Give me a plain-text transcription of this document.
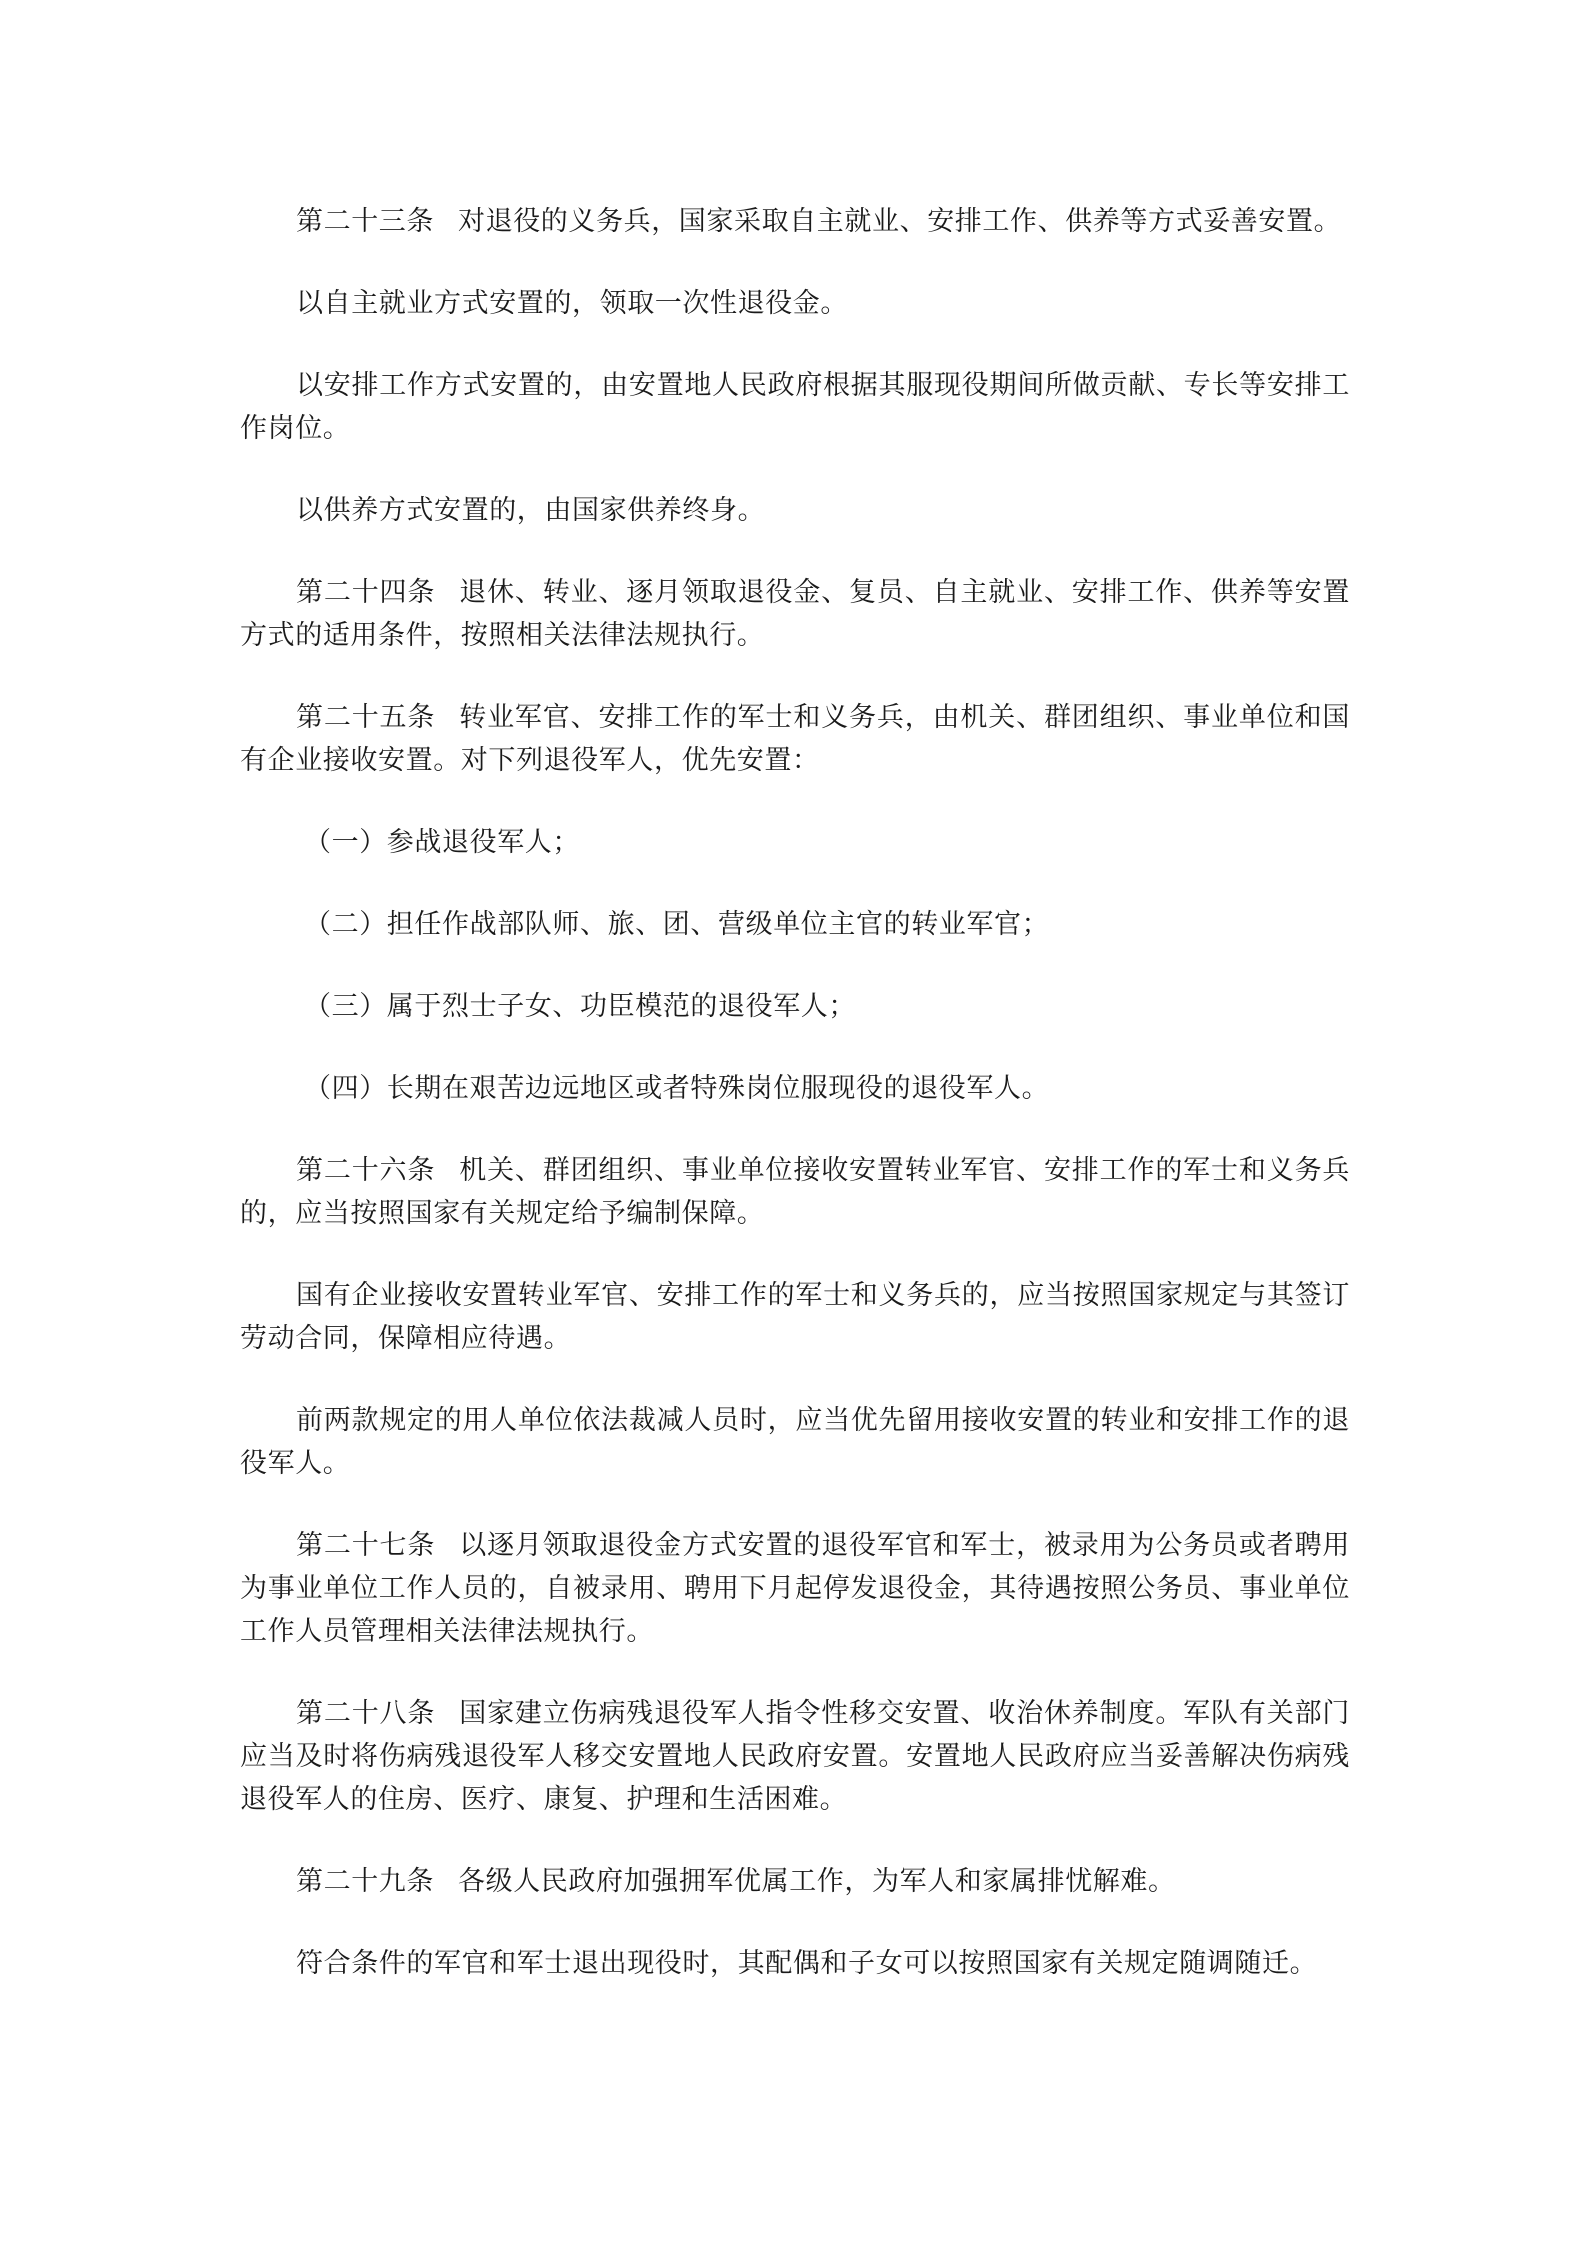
第二十三条 对退役的义务兵，国家采取自主就业、安排工作、供养等方式妥善安置。

以自主就业方式安置的，领取一次性退役金。

以安排工作方式安置的，由安置地人民政府根据其服现役期间所做贡献、专长等安排工作岗位。

以供养方式安置的，由国家供养终身。

第二十四条 退休、转业、逐月领取退役金、复员、自主就业、安排工作、供养等安置方式的适用条件，按照相关法律法规执行。

第二十五条 转业军官、安排工作的军士和义务兵，由机关、群团组织、事业单位和国有企业接收安置。对下列退役军人，优先安置：

（一）参战退役军人；

（二）担任作战部队师、旅、团、营级单位主官的转业军官；

（三）属于烈士子女、功臣模范的退役军人；

（四）长期在艰苦边远地区或者特殊岗位服现役的退役军人。

第二十六条 机关、群团组织、事业单位接收安置转业军官、安排工作的军士和义务兵的，应当按照国家有关规定给予编制保障。

国有企业接收安置转业军官、安排工作的军士和义务兵的，应当按照国家规定与其签订劳动合同，保障相应待遇。

前两款规定的用人单位依法裁减人员时，应当优先留用接收安置的转业和安排工作的退役军人。

第二十七条 以逐月领取退役金方式安置的退役军官和军士，被录用为公务员或者聘用为事业单位工作人员的，自被录用、聘用下月起停发退役金，其待遇按照公务员、事业单位工作人员管理相关法律法规执行。

第二十八条 国家建立伤病残退役军人指令性移交安置、收治休养制度。军队有关部门应当及时将伤病残退役军人移交安置地人民政府安置。安置地人民政府应当妥善解决伤病残退役军人的住房、医疗、康复、护理和生活困难。

第二十九条 各级人民政府加强拥军优属工作，为军人和家属排忧解难。

符合条件的军官和军士退出现役时，其配偶和子女可以按照国家有关规定随调随迁。
